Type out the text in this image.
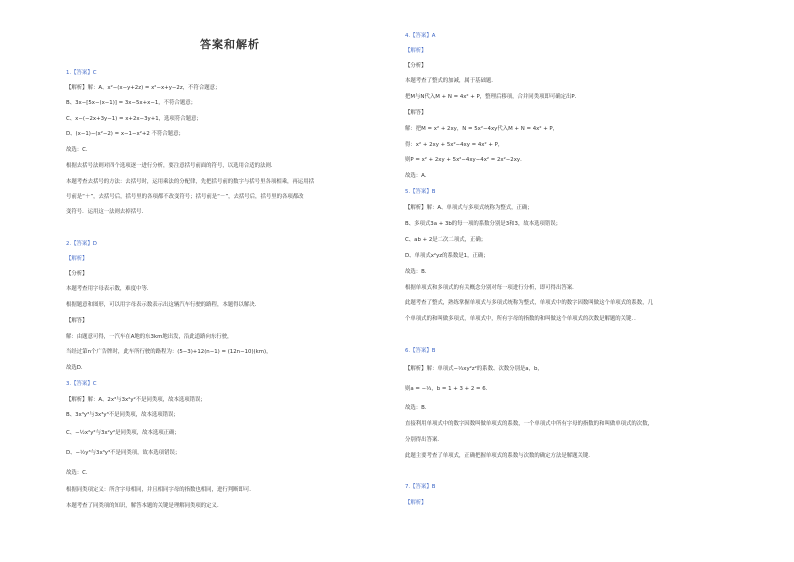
答案和解析
1.【答案】C
【解析】解：A、x²−(x−y+2z) = x²−x+y−2z，不符合题意；
B、3x−[5x−(x−1)] = 3x−5x+x−1，不符合题意；
C、x−(−2x+3y−1) = x+2x−3y+1，选项符合题意；
D、(x−1)−(x²−2) = x−1−x²+2 不符合题意；
故选：C．
根据去括号法则对四个选项逐一进行分析，要注意括号前面的符号，以选用合适的法则．
本题考查去括号的方法：去括号时，运用乘法的分配律，先把括号前的数字与括号里各项相乘，再运用括
号前是“＋”，去括号后，括号里的各项都不改变符号；括号前是“－”，去括号后，括号里的各项都改
变符号．运用这一法则去掉括号．
2.【答案】D
【解析】
【分析】
本题考查用字母表示数，难度中等．
根据题意和图形，可以用字母表示数表示出这辆汽车行驶的路程，本题得以解决．
【解答】
解：由题意可得，一汽车在A地的东3km地出发，沿此道路向东行驶，
当经过第n个广告牌时，此车所行驶的路程为：(5−3)+12(n−1) = (12n−10)(km)，
故选D．
3.【答案】C
【解析】解：A、2x³与3x²y²不是同类项，故本选项错误；
B、3x³y³与3x³y³不是同类项，故本选项错误；
C、−½x²y²与3x²y²是同类项，故本选项正确；
D、−½y³与3x³y³不是同类项，故本选项错误；
故选：C．
根据同类项定义：所含字母相同，并且相同字母的指数也相同，进行判断即可．
本题考查了同类项的知识，解答本题的关键是理解同类项的定义．
4.【答案】A
【解析】
【分析】
本题考查了整式的加减，属于基础题．
把M与N代入M + N = 4x² + P，整理后移项，合并同类项即可确定出P．
【解答】
解：把M = x² + 2xy，N = 5x²−4xy代入M + N = 4x² + P，
得：x² + 2xy + 5x²−4xy = 4x² + P，
则P = x² + 2xy + 5x²−4xy−4x² = 2x²−2xy．
故选：A．
5.【答案】B
【解析】解：A、单项式与多项式统称为整式，正确；
B、多项式3a + 3b的每一项的系数分别是3和3，故本选项错误；
C、ab + 2是二次二项式，正确；
D、单项式x²yz的系数是1，正确；
故选：B．
根据单项式和多项式的有关概念分别对每一项进行分析，即可得出答案．
此题考查了整式，熟练掌握单项式与多项式统称为整式，单项式中的数字因数叫做这个单项式的系数，几
个单项式的和叫做多项式，单项式中，所有字母的指数的和叫做这个单项式的次数是解题的关键．．
6.【答案】B
【解析】解：单项式−⅓xy²z²的系数、次数分别是a，b，
则a = −⅓，b = 1 + 3 + 2 = 6．
故选：B．
直接利用单项式中的数字因数叫做单项式的系数，一个单项式中所有字母的指数的和叫做单项式的次数，
分别得出答案．
此题主要考查了单项式，正确把握单项式的系数与次数的确定方法是解题关键．
7.【答案】B
【解析】
